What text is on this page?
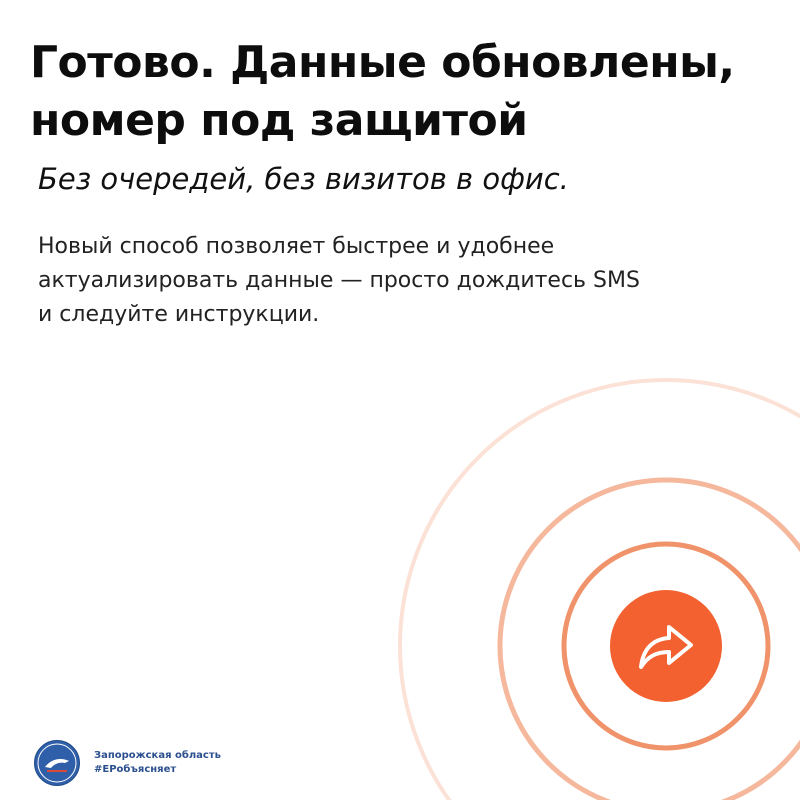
Готово. Данные обновлены,
номер под защитой
Без очередей, без визитов в офис.
Новый способ позволяет быстрее и удобнее
актуализировать данные — просто дождитесь SMS
и следуйте инструкции.
Запорожская область
#ЕРобъясняет
